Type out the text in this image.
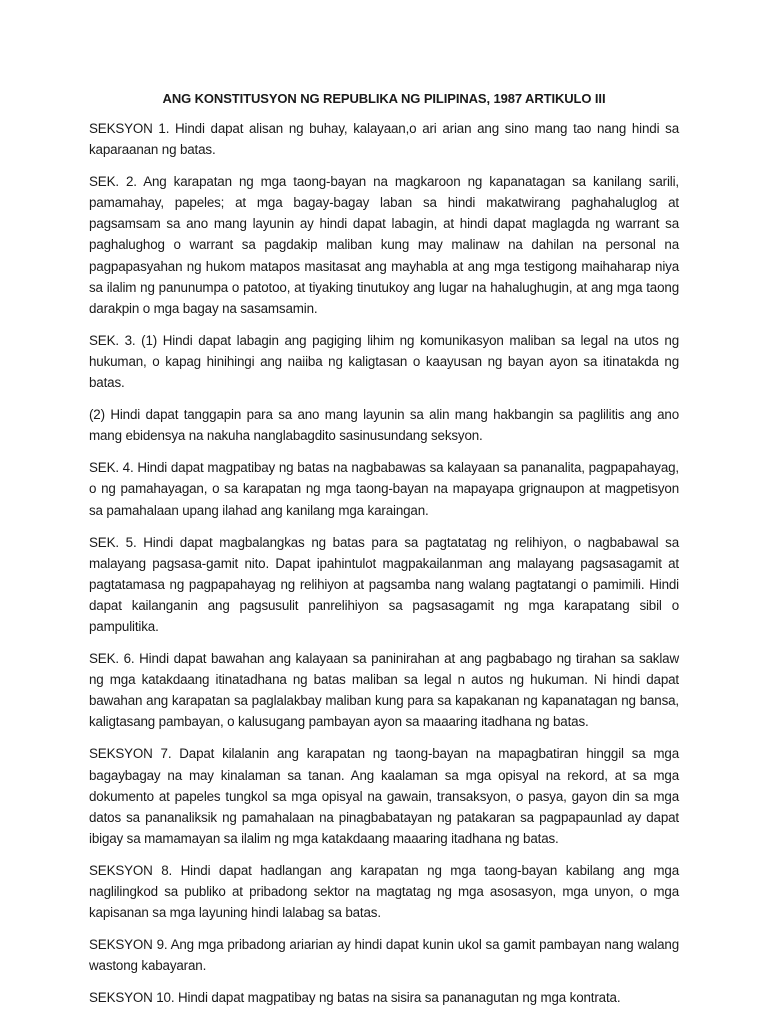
ANG KONSTITUSYON NG REPUBLIKA NG PILIPINAS, 1987 ARTIKULO III

SEKSYON 1. Hindi dapat alisan ng buhay, kalayaan,o ari arian ang sino mang tao nang hindi sa kaparaanan ng batas.

SEK. 2. Ang karapatan ng mga taong-bayan na magkaroon ng kapanatagan sa kanilang sarili, pamamahay, papeles; at mga bagay-bagay laban sa hindi makatwirang paghahaluglog at pagsamsam sa ano mang layunin ay hindi dapat labagin, at hindi dapat maglagda ng warrant sa paghalughog o warrant sa pagdakip maliban kung may malinaw na dahilan na personal na pagpapasyahan ng hukom matapos masitasat ang mayhabla at ang mga testigong maihaharap niya sa ilalim ng panunumpa o patotoo, at tiyaking tinutukoy ang lugar na hahalughugin, at ang mga taong darakpin o mga bagay na sasamsamin.

SEK. 3. (1) Hindi dapat labagin ang pagiging lihim ng komunikasyon maliban sa legal na utos ng hukuman, o kapag hinihingi ang naiiba ng kaligtasan o kaayusan ng bayan ayon sa itinatakda ng batas.

(2) Hindi dapat tanggapin para sa ano mang layunin sa alin mang hakbangin sa paglilitis ang ano mang ebidensya na nakuha nanglabagdito sasinusundang seksyon.

SEK. 4. Hindi dapat magpatibay ng batas na nagbabawas sa kalayaan sa pananalita, pagpapahayag, o ng pamahayagan, o sa karapatan ng mga taong-bayan na mapayapa grignaupon at magpetisyon sa pamahalaan upang ilahad ang kanilang mga karaingan.

SEK. 5. Hindi dapat magbalangkas ng batas para sa pagtatatag ng relihiyon, o nagbabawal sa malayang pagsasa-gamit nito. Dapat ipahintulot magpakailanman ang malayang pagsasagamit at pagtatamasa ng pagpapahayag ng relihiyon at pagsamba nang walang pagtatangi o pamimili. Hindi dapat kailanganin ang pagsusulit panrelihiyon sa pagsasagamit ng mga karapatang sibil o pampulitika.

SEK. 6. Hindi dapat bawahan ang kalayaan sa paninirahan at ang pagbabago ng tirahan sa saklaw ng mga katakdaang itinatadhana ng batas maliban sa legal n autos ng hukuman. Ni hindi dapat bawahan ang karapatan sa paglalakbay maliban kung para sa kapakanan ng kapanatagan ng bansa, kaligtasang pambayan, o kalusugang pambayan ayon sa maaaring itadhana ng batas.

SEKSYON 7. Dapat kilalanin ang karapatan ng taong-bayan na mapagbatiran hinggil sa mga bagaybagay na may kinalaman sa tanan. Ang kaalaman sa mga opisyal na rekord, at sa mga dokumento at papeles tungkol sa mga opisyal na gawain, transaksyon, o pasya, gayon din sa mga datos sa pananaliksik ng pamahalaan na pinagbabatayan ng patakaran sa pagpapaunlad ay dapat ibigay sa mamamayan sa ilalim ng mga katakdaang maaaring itadhana ng batas.

SEKSYON 8. Hindi dapat hadlangan ang karapatan ng mga taong-bayan kabilang ang mga naglilingkod sa publiko at pribadong sektor na magtatag ng mga asosasyon, mga unyon, o mga kapisanan sa mga layuning hindi lalabag sa batas.

SEKSYON 9. Ang mga pribadong ariarian ay hindi dapat kunin ukol sa gamit pambayan nang walang wastong kabayaran.

SEKSYON 10. Hindi dapat magpatibay ng batas na sisira sa pananagutan ng mga kontrata.
